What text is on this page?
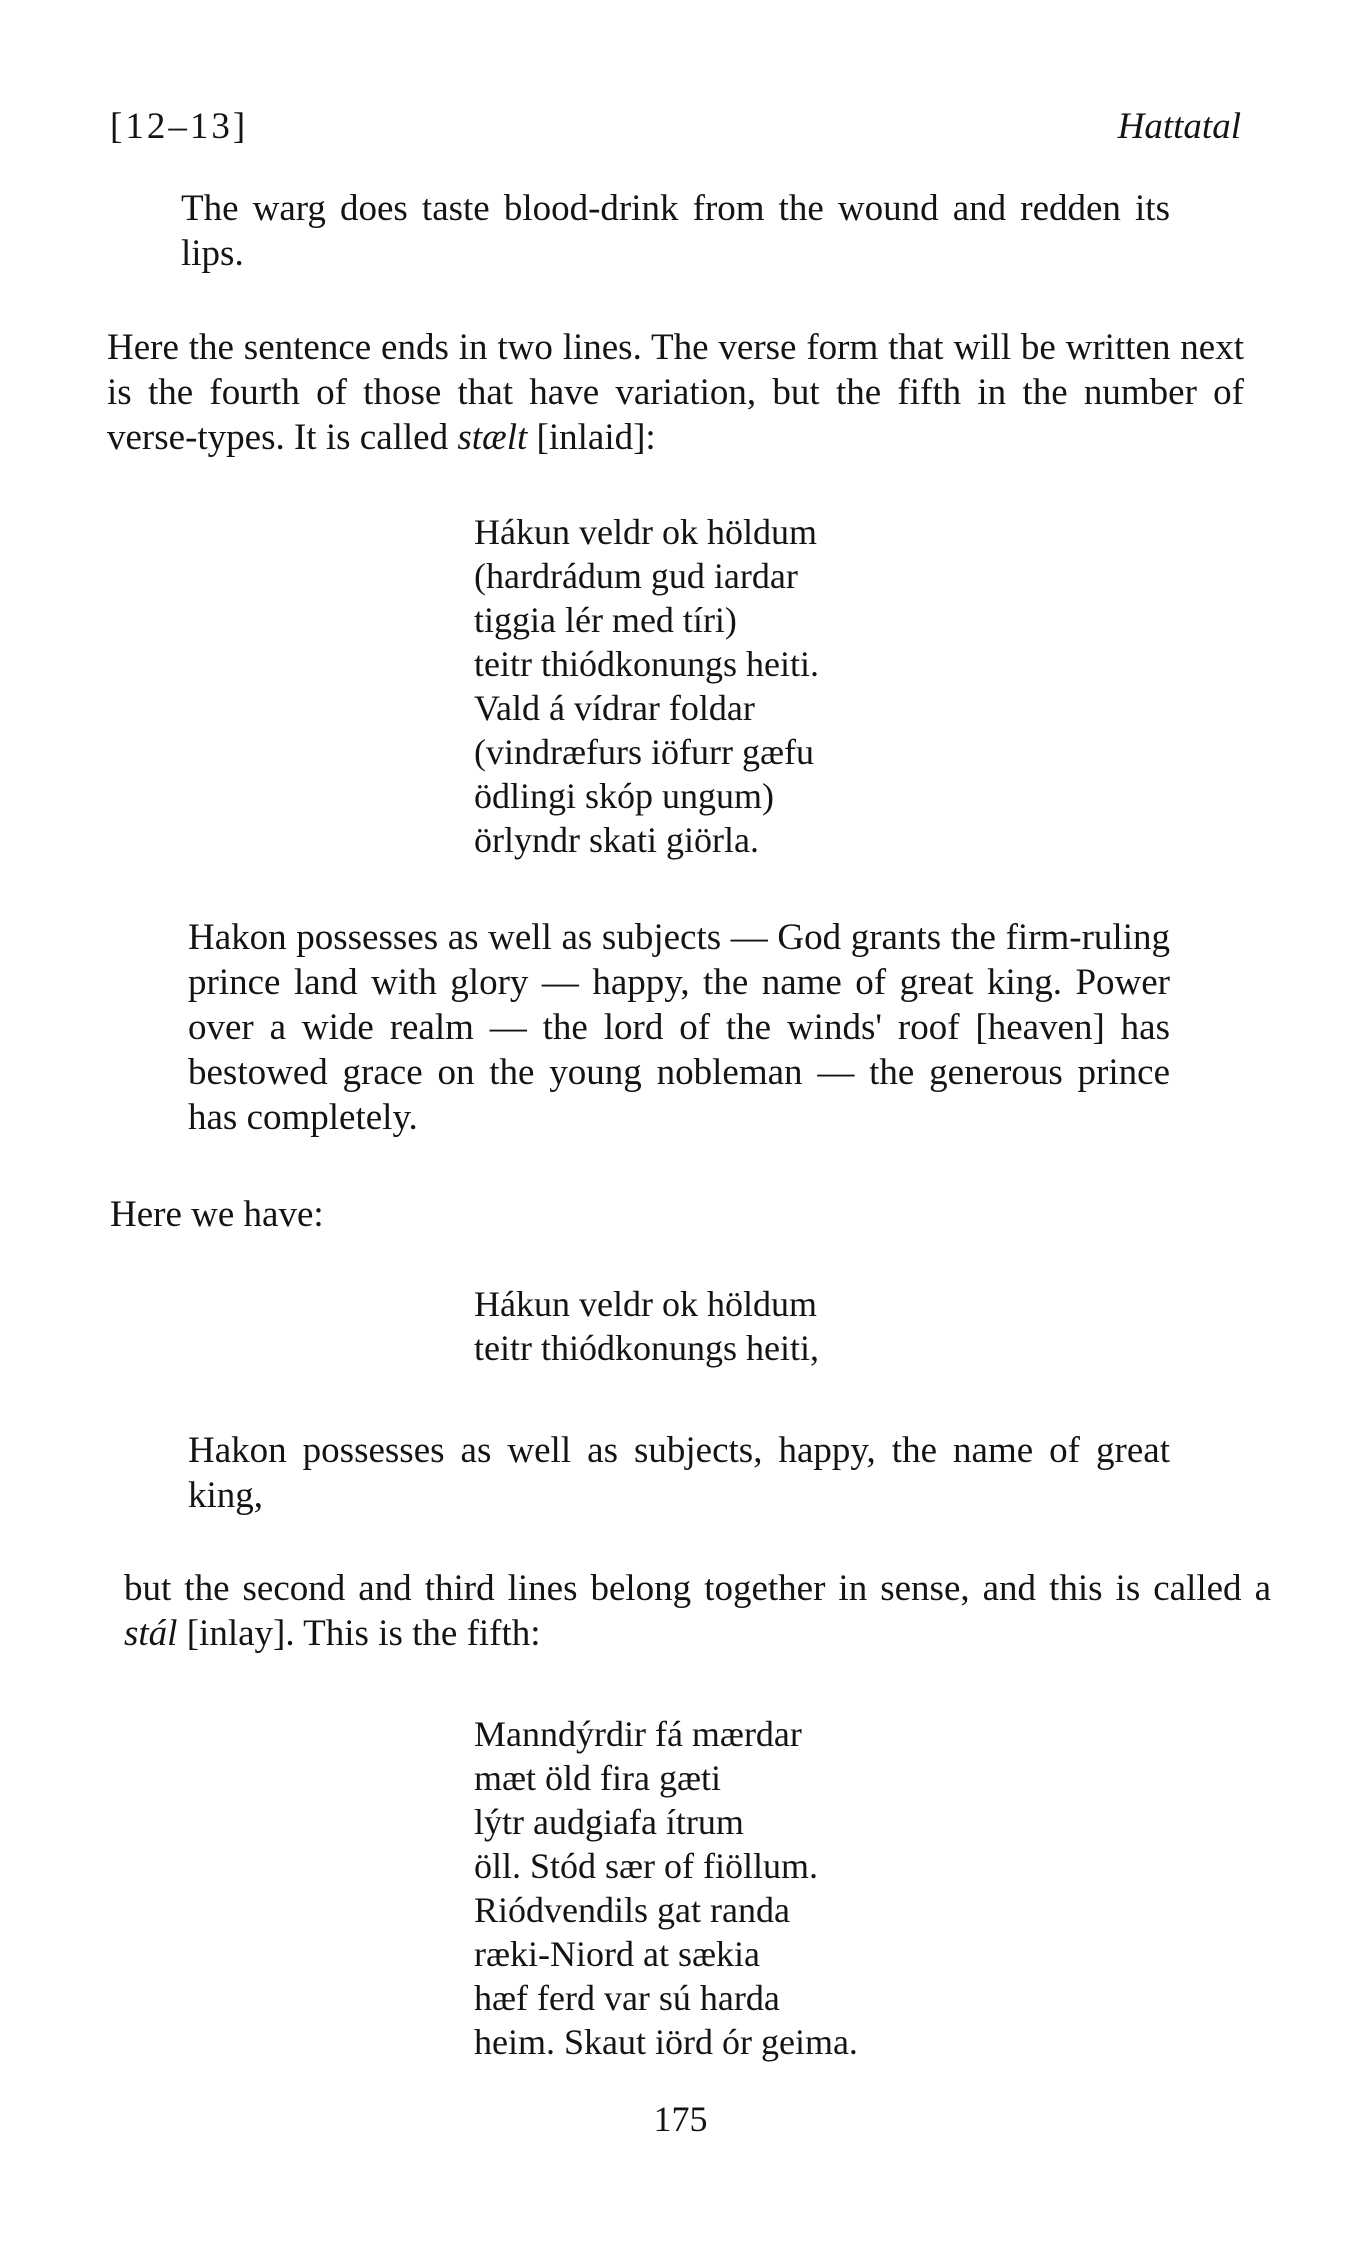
[12–13]	Hattatal

The warg does taste blood-drink from the wound and redden its lips.

Here the sentence ends in two lines. The verse form that will be written next is the fourth of those that have variation, but the fifth in the number of verse-types. It is called stælt [inlaid]:

Hákun veldr ok höldum
(hardrádum gud iardar
tiggia lér med tíri)
teitr thiódkonungs heiti.
Vald á vídrar foldar
(vindræfurs iöfurr gæfu
ödlingi skóp ungum)
örlyndr skati giörla.

Hakon possesses as well as subjects — God grants the firm-ruling prince land with glory — happy, the name of great king. Power over a wide realm — the lord of the winds' roof [heaven] has bestowed grace on the young nobleman — the generous prince has completely.

Here we have:

Hákun veldr ok höldum
teitr thiódkonungs heiti,

Hakon possesses as well as subjects, happy, the name of great king,

but the second and third lines belong together in sense, and this is called a stál [inlay]. This is the fifth:

Manndýrdir fá mærdar
mæt öld fira gæti
lýtr audgiafa ítrum
öll. Stód sær of fiöllum.
Riódvendils gat randa
ræki-Niord at sækia
hæf ferd var sú harda
heim. Skaut iörd ór geima.
175
